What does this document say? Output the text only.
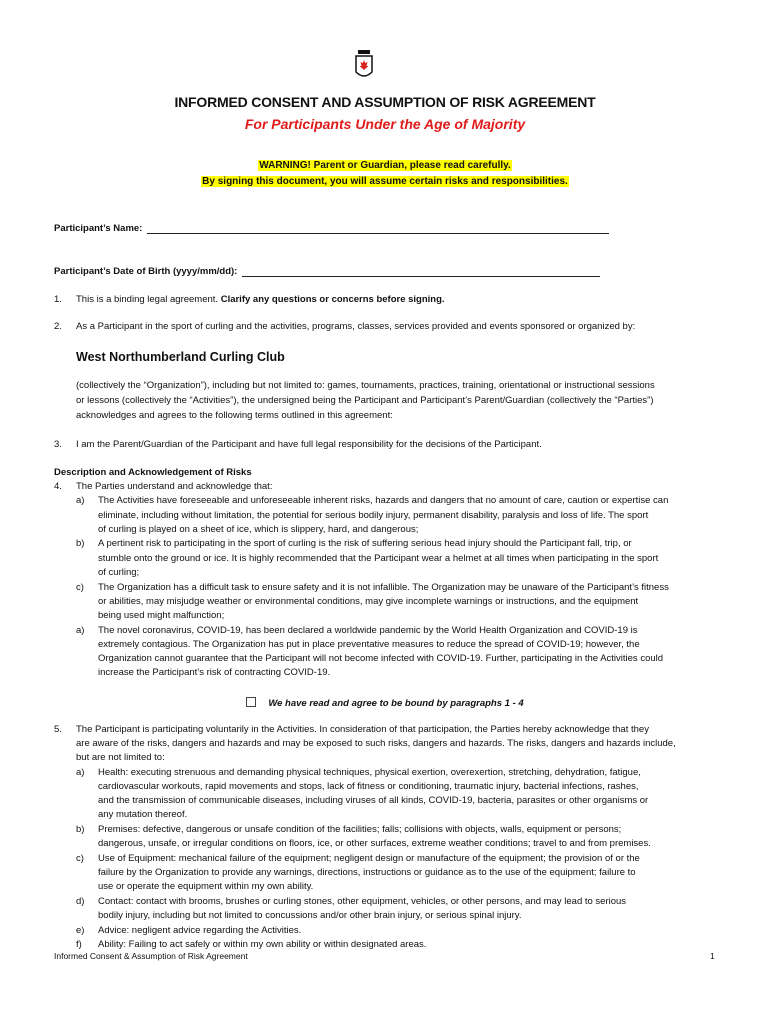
INFORMED CONSENT AND ASSUMPTION OF RISK AGREEMENT
For Participants Under the Age of Majority
WARNING! Parent or Guardian, please read carefully.
By signing this document, you will assume certain risks and responsibilities.
Participant’s Name:
Participant’s Date of Birth (yyyy/mm/dd):
1. This is a binding legal agreement. Clarify any questions or concerns before signing.
2. As a Participant in the sport of curling and the activities, programs, classes, services provided and events sponsored or organized by:
West Northumberland Curling Club
(collectively the “Organization”), including but not limited to: games, tournaments, practices, training, orientational or instructional sessions
or lessons (collectively the “Activities”), the undersigned being the Participant and Participant’s Parent/Guardian (collectively the “Parties”)
acknowledges and agrees to the following terms outlined in this agreement:
3. I am the Parent/Guardian of the Participant and have full legal responsibility for the decisions of the Participant.
Description and Acknowledgement of Risks
4. The Parties understand and acknowledge that:
a) The Activities have foreseeable and unforeseeable inherent risks, hazards and dangers that no amount of care, caution or expertise can
eliminate, including without limitation, the potential for serious bodily injury, permanent disability, paralysis and loss of life. The sport
of curling is played on a sheet of ice, which is slippery, hard, and dangerous;
b) A pertinent risk to participating in the sport of curling is the risk of suffering serious head injury should the Participant fall, trip, or
stumble onto the ground or ice. It is highly recommended that the Participant wear a helmet at all times when participating in the sport
of curling;
c) The Organization has a difficult task to ensure safety and it is not infallible. The Organization may be unaware of the Participant’s fitness
or abilities, may misjudge weather or environmental conditions, may give incomplete warnings or instructions, and the equipment
being used might malfunction;
a) The novel coronavirus, COVID-19, has been declared a worldwide pandemic by the World Health Organization and COVID-19 is
extremely contagious. The Organization has put in place preventative measures to reduce the spread of COVID-19; however, the
Organization cannot guarantee that the Participant will not become infected with COVID-19. Further, participating in the Activities could
increase the Participant’s risk of contracting COVID-19.
We have read and agree to be bound by paragraphs 1 - 4
5. The Participant is participating voluntarily in the Activities. In consideration of that participation, the Parties hereby acknowledge that they
are aware of the risks, dangers and hazards and may be exposed to such risks, dangers and hazards. The risks, dangers and hazards include,
but are not limited to:
a) Health: executing strenuous and demanding physical techniques, physical exertion, overexertion, stretching, dehydration, fatigue,
cardiovascular workouts, rapid movements and stops, lack of fitness or conditioning, traumatic injury, bacterial infections, rashes,
and the transmission of communicable diseases, including viruses of all kinds, COVID-19, bacteria, parasites or other organisms or
any mutation thereof.
b) Premises: defective, dangerous or unsafe condition of the facilities; falls; collisions with objects, walls, equipment or persons;
dangerous, unsafe, or irregular conditions on floors, ice, or other surfaces, extreme weather conditions; travel to and from premises.
c) Use of Equipment: mechanical failure of the equipment; negligent design or manufacture of the equipment; the provision of or the
failure by the Organization to provide any warnings, directions, instructions or guidance as to the use of the equipment; failure to
use or operate the equipment within my own ability.
d) Contact: contact with brooms, brushes or curling stones, other equipment, vehicles, or other persons, and may lead to serious
bodily injury, including but not limited to concussions and/or other brain injury, or serious spinal injury.
e) Advice: negligent advice regarding the Activities.
f) Ability: Failing to act safely or within my own ability or within designated areas.
Informed Consent & Assumption of Risk Agreement	1
